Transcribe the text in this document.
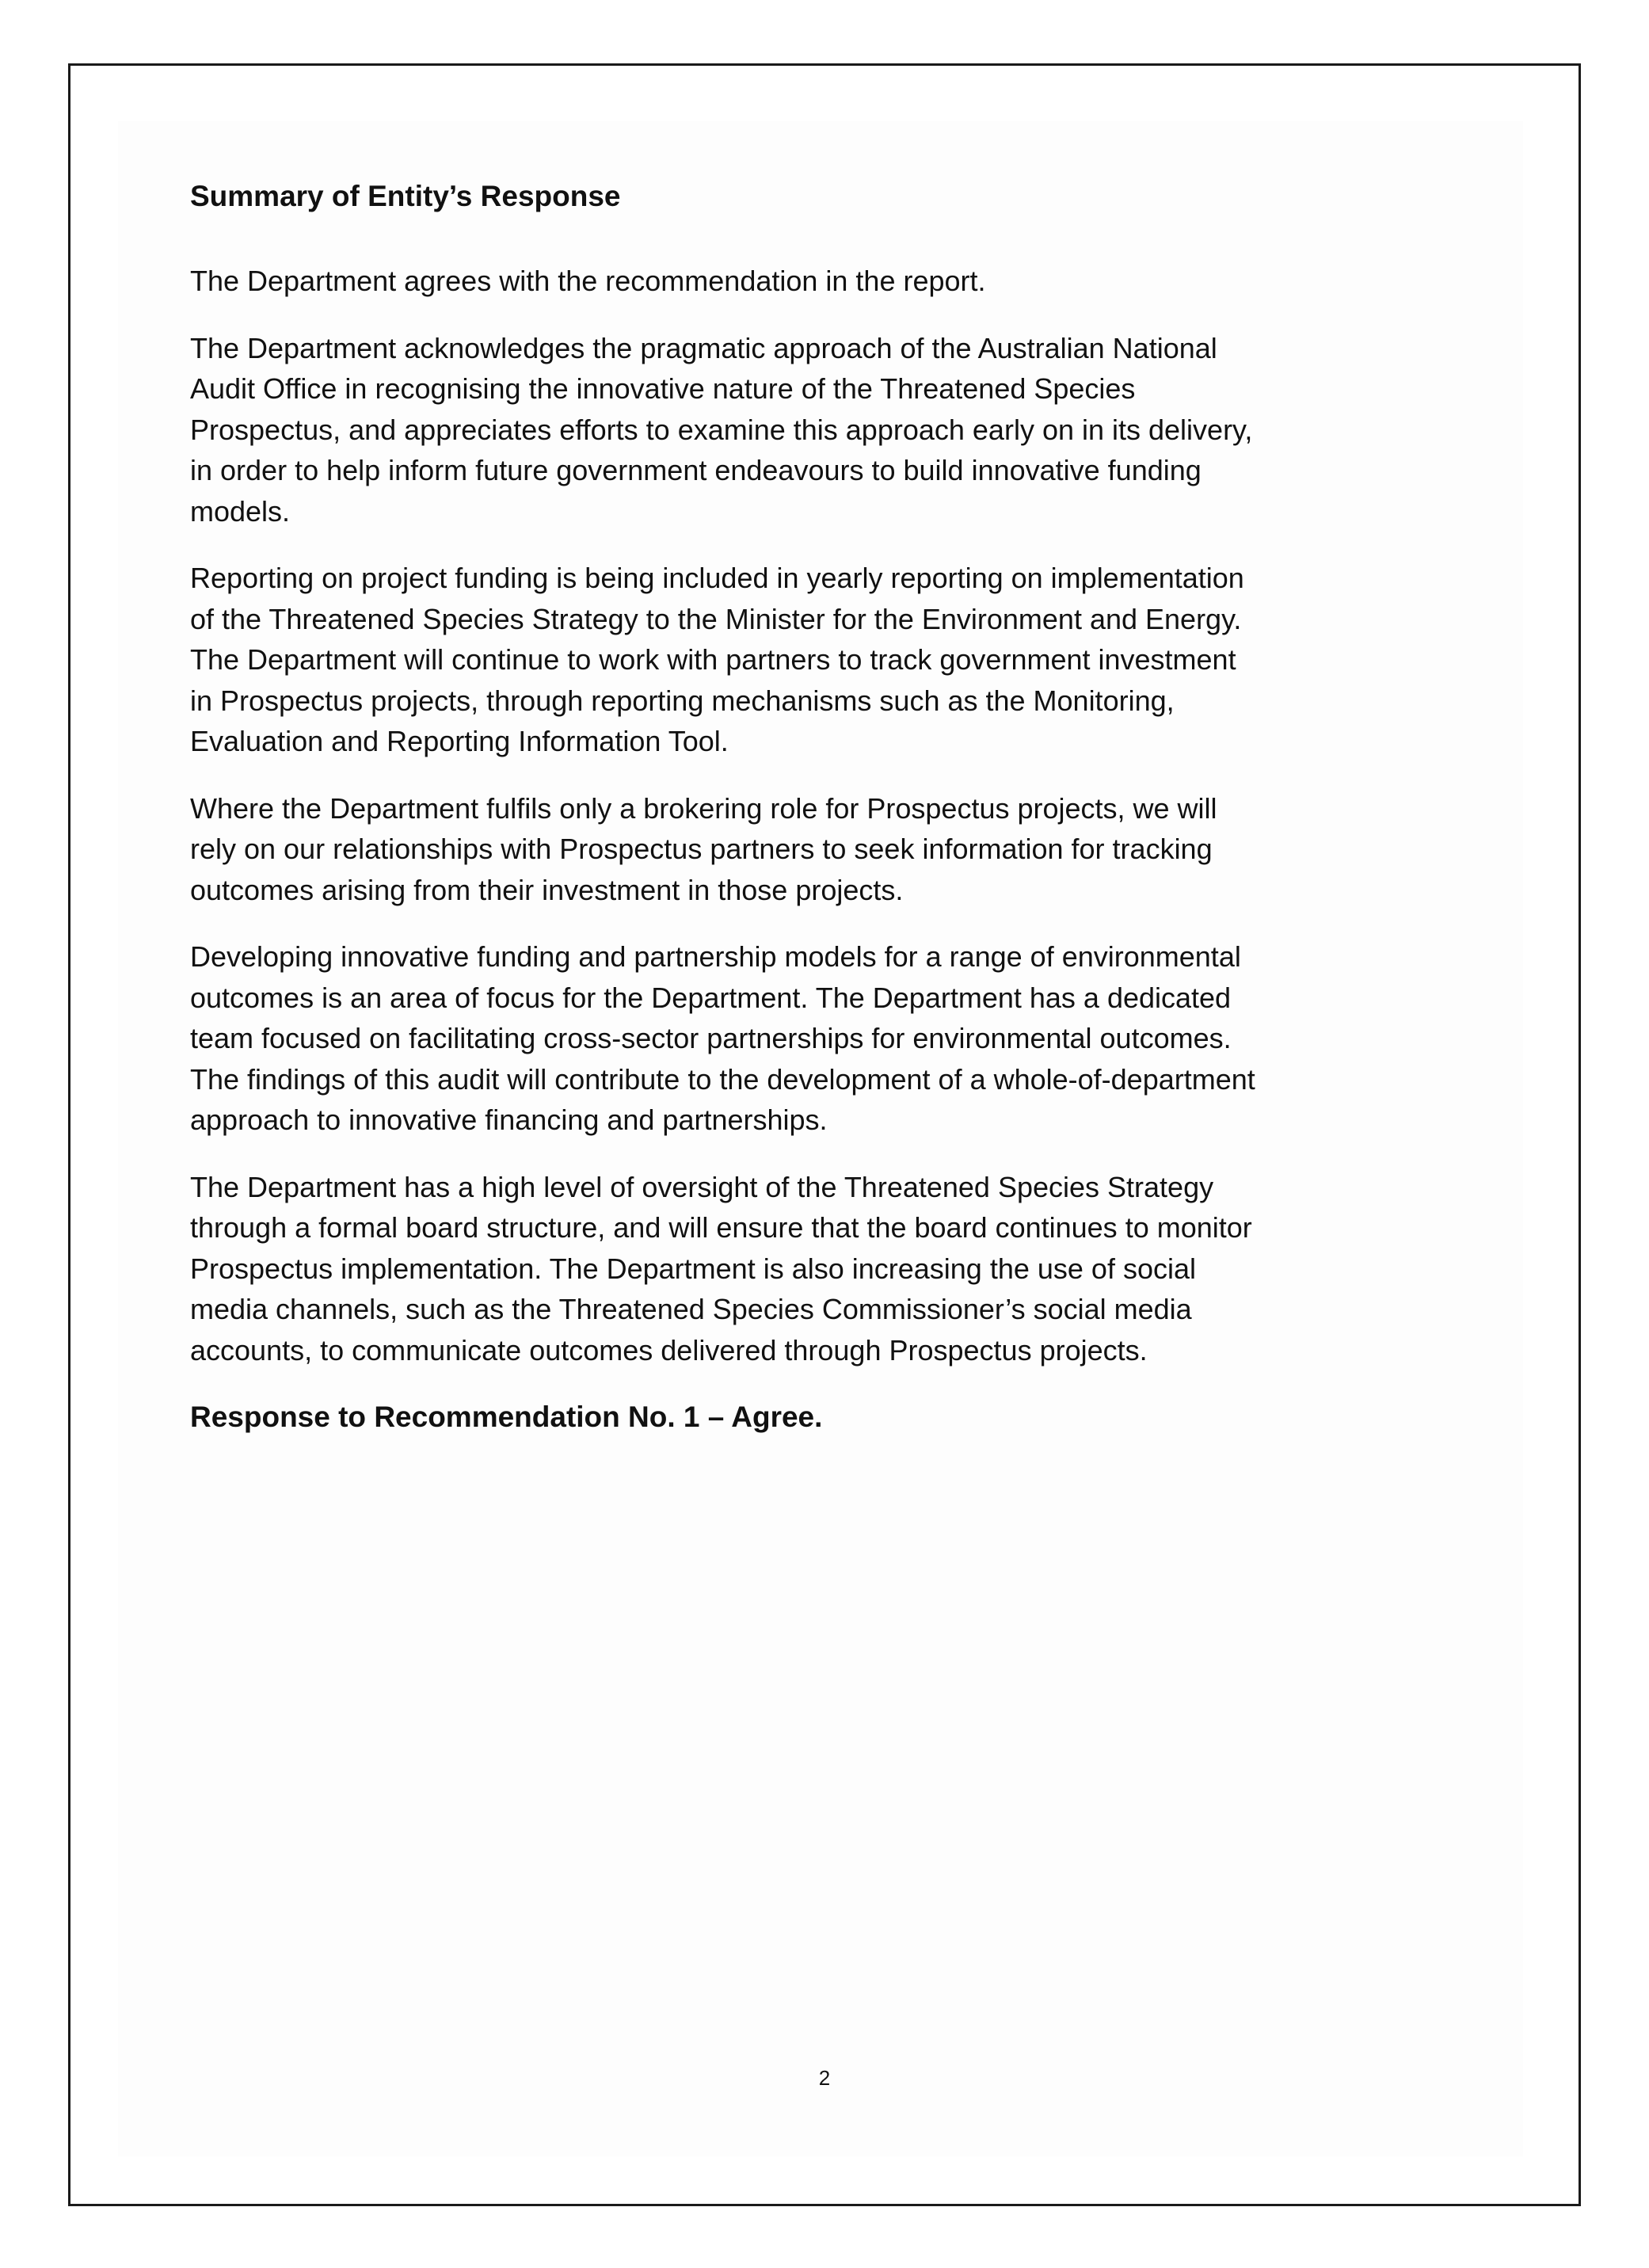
Summary of Entity’s Response

The Department agrees with the recommendation in the report.

The Department acknowledges the pragmatic approach of the Australian National
Audit Office in recognising the innovative nature of the Threatened Species
Prospectus, and appreciates efforts to examine this approach early on in its delivery,
in order to help inform future government endeavours to build innovative funding
models.

Reporting on project funding is being included in yearly reporting on implementation
of the Threatened Species Strategy to the Minister for the Environment and Energy.
The Department will continue to work with partners to track government investment
in Prospectus projects, through reporting mechanisms such as the Monitoring,
Evaluation and Reporting Information Tool.

Where the Department fulfils only a brokering role for Prospectus projects, we will
rely on our relationships with Prospectus partners to seek information for tracking
outcomes arising from their investment in those projects.

Developing innovative funding and partnership models for a range of environmental
outcomes is an area of focus for the Department. The Department has a dedicated
team focused on facilitating cross-sector partnerships for environmental outcomes.
The findings of this audit will contribute to the development of a whole-of-department
approach to innovative financing and partnerships.

The Department has a high level of oversight of the Threatened Species Strategy
through a formal board structure, and will ensure that the board continues to monitor
Prospectus implementation. The Department is also increasing the use of social
media channels, such as the Threatened Species Commissioner’s social media
accounts, to communicate outcomes delivered through Prospectus projects.

Response to Recommendation No. 1 – Agree.

2
